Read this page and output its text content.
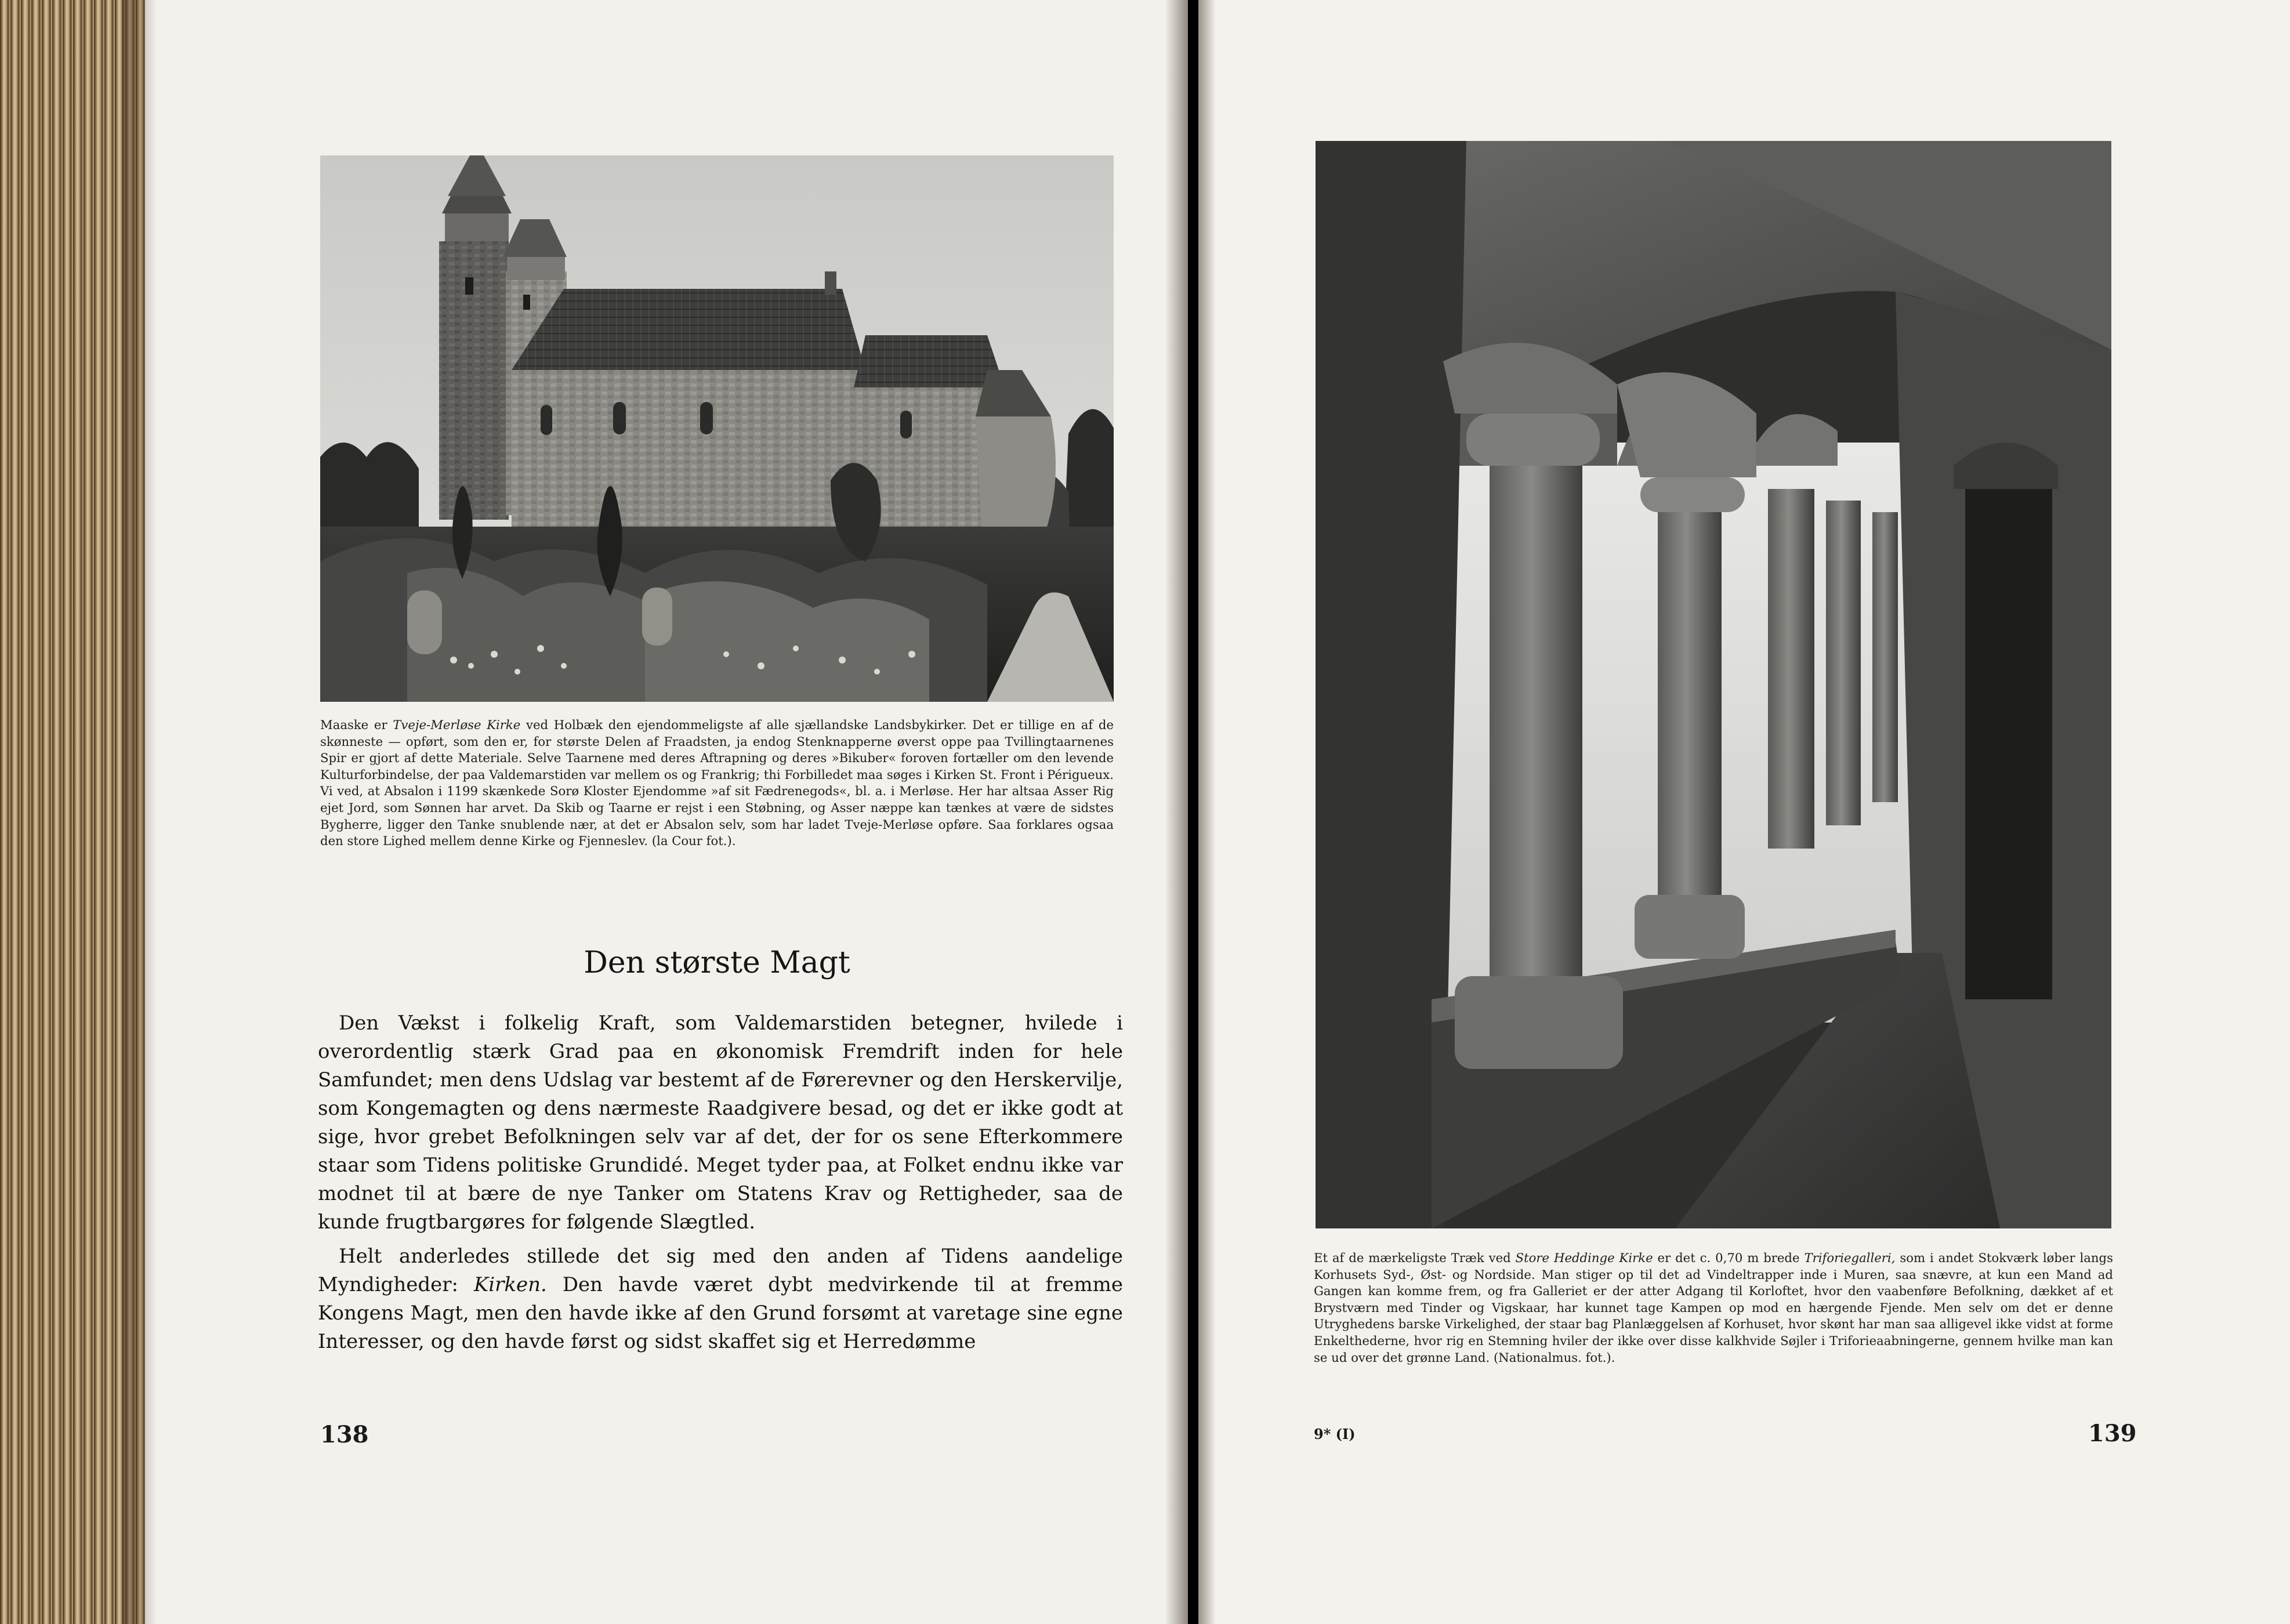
Maaske er Tveje-Merløse Kirke ved Holbæk den ejendommeligste af alle sjællandske Landsbykirker. Det er tillige en af de skønneste — opført, som den er, for største Delen af Fraadsten, ja endog Stenknapperne øverst oppe paa Tvillingtaarnenes Spir er gjort af dette Materiale. Selve Taarnene med deres Aftrapning og deres »Bikuber« foroven fortæller om den levende Kulturforbindelse, der paa Valdemarstiden var mellem os og Frankrig; thi Forbilledet maa søges i Kirken St. Front i Périgueux. Vi ved, at Absalon i 1199 skænkede Sorø Kloster Ejendomme »af sit Fædrenegods«, bl. a. i Merløse. Her har altsaa Asser Rig ejet Jord, som Sønnen har arvet. Da Skib og Taarne er rejst i een Støbning, og Asser næppe kan tænkes at være de sidstes Bygherre, ligger den Tanke snublende nær, at det er Absalon selv, som har ladet Tveje-Merløse opføre. Saa forklares ogsaa den store Lighed mellem denne Kirke og Fjenneslev. (la Cour fot.).
Den største Magt

Den Vækst i folkelig Kraft, som Valdemarstiden betegner, hvilede i overordentlig stærk Grad paa en økonomisk Fremdrift inden for hele Samfundet; men dens Udslag var bestemt af de Førerevner og den Herskervilje, som Kongemagten og dens nærmeste Raadgivere besad, og det er ikke godt at sige, hvor grebet Befolkningen selv var af det, der for os sene Efterkommere staar som Tidens politiske Grundidé. Meget tyder paa, at Folket endnu ikke var modnet til at bære de nye Tanker om Statens Krav og Rettigheder, saa de kunde frugtbargøres for følgende Slægtled.

Helt anderledes stillede det sig med den anden af Tidens aandelige Myndigheder: Kirken. Den havde været dybt medvirkende til at fremme Kongens Magt, men den havde ikke af den Grund forsømt at varetage sine egne Interesser, og den havde først og sidst skaffet sig et Herredømme

138
Et af de mærkeligste Træk ved Store Heddinge Kirke er det c. 0,70 m brede Triforiegalleri, som i andet Stokværk løber langs Korhusets Syd-, Øst- og Nordside. Man stiger op til det ad Vindeltrapper inde i Muren, saa snævre, at kun een Mand ad Gangen kan komme frem, og fra Galleriet er der atter Adgang til Korloftet, hvor den vaabenføre Befolkning, dækket af et Brystværn med Tinder og Vigskaar, har kunnet tage Kampen op mod en hærgende Fjende. Men selv om det er denne Utryghedens barske Virkelighed, der staar bag Planlæggelsen af Korhuset, hvor skønt har man saa alligevel ikke vidst at forme Enkelthederne, hvor rig en Stemning hviler der ikke over disse kalkhvide Søjler i Triforieaabningerne, gennem hvilke man kan se ud over det grønne Land. (Nationalmus. fot.).
9* (I)	139
